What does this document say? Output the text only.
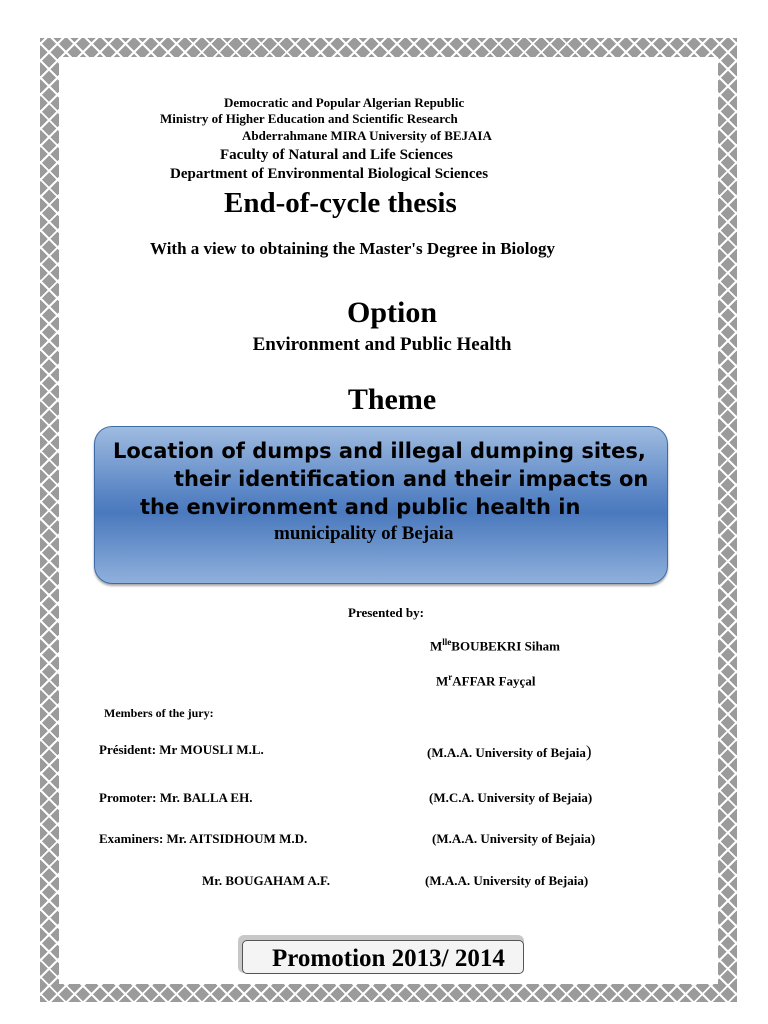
Democratic and Popular Algerian Republic
Ministry of Higher Education and Scientific Research
Abderrahmane MIRA University of BEJAIA
Faculty of Natural and Life Sciences
Department of Environmental Biological Sciences
End-of-cycle thesis
With a view to obtaining the Master's Degree in Biology
Option
Environment and Public Health
Theme
Location of dumps and illegal dumping sites,
their identification and their impacts on
the environment and public health in
municipality of Bejaia
Presented by:
$M^{lle}BOUBEKRI$ Siham
$M^rAFFAR$ Fayçal
Members of the jury:
Président: Mr MOUSLI M.L.	(M.A.A. University of Bejaia)
Promoter: Mr. BALLA EH.	(M.C.A. University of Bejaia)
Examiners: Mr. AITSIDHOUM M.D.	(M.A.A. University of Bejaia)
Mr. BOUGAHAM A.F.	(M.A.A. University of Bejaia)
Promotion 2013/ 2014
